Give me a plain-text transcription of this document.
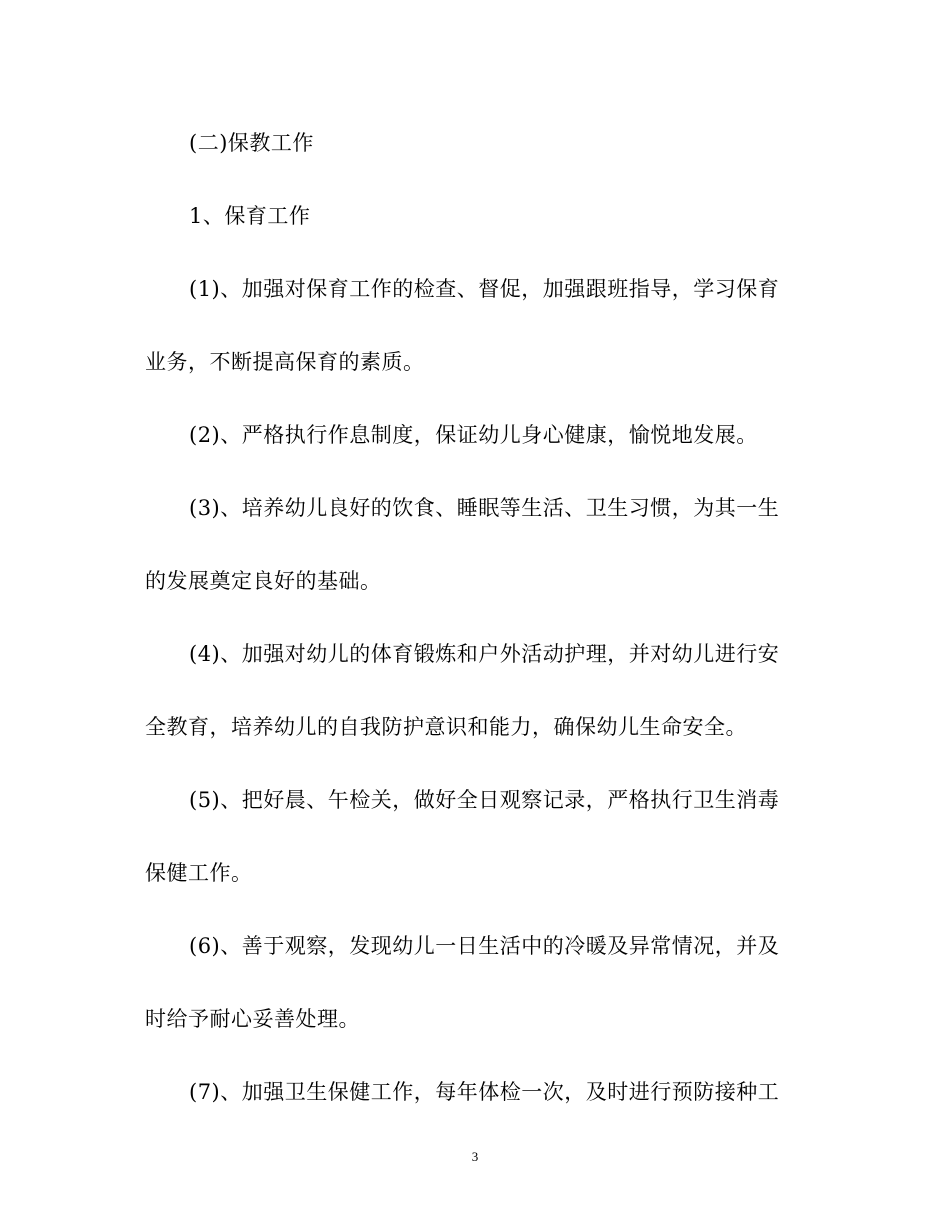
(二)保教工作
1、保育工作
(1)、加强对保育工作的检查、督促，加强跟班指导，学习保育
业务，不断提高保育的素质。
(2)、严格执行作息制度，保证幼儿身心健康，愉悦地发展。
(3)、培养幼儿良好的饮食、睡眠等生活、卫生习惯，为其一生
的发展奠定良好的基础。
(4)、加强对幼儿的体育锻炼和户外活动护理，并对幼儿进行安
全教育，培养幼儿的自我防护意识和能力，确保幼儿生命安全。
(5)、把好晨、午检关，做好全日观察记录，严格执行卫生消毒
保健工作。
(6)、善于观察，发现幼儿一日生活中的冷暖及异常情况，并及
时给予耐心妥善处理。
(7)、加强卫生保健工作，每年体检一次，及时进行预防接种工
3
